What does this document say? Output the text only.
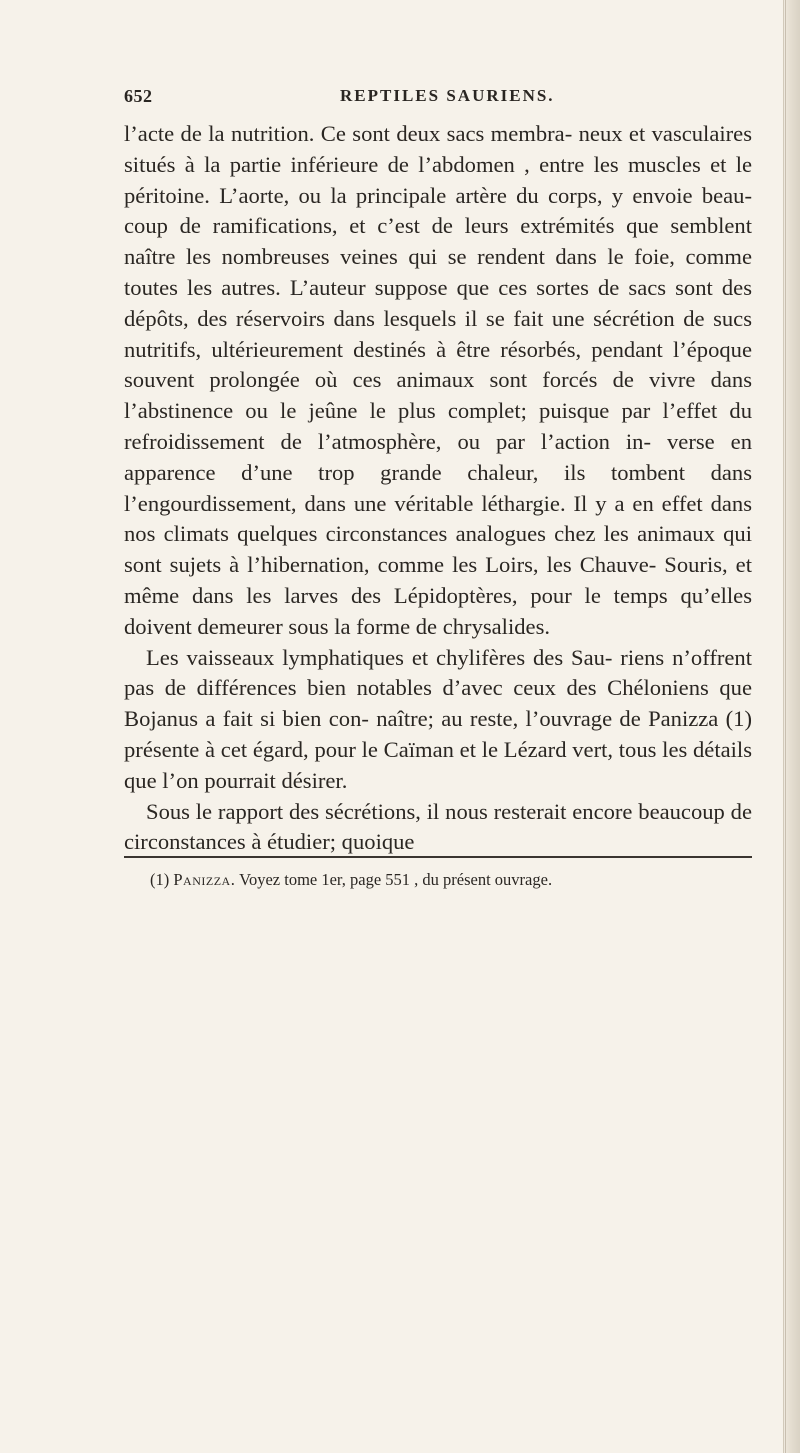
652	REPTILES SAURIENS.

l’acte de la nutrition. Ce sont deux sacs membra- neux et vasculaires situés à la partie inférieure de l’abdomen , entre les muscles et le péritoine. L’aorte, ou la principale artère du corps, y envoie beau- coup de ramifications, et c’est de leurs extrémités que semblent naître les nombreuses veines qui se rendent dans le foie, comme toutes les autres. L’auteur suppose que ces sortes de sacs sont des dépôts, des réservoirs dans lesquels il se fait une sécrétion de sucs nutritifs, ultérieurement destinés à être résorbés, pendant l’époque souvent prolongée où ces animaux sont forcés de vivre dans l’abstinence ou le jeûne le plus complet; puisque par l’effet du refroidissement de l’atmosphère, ou par l’action in- verse en apparence d’une trop grande chaleur, ils tombent dans l’engourdissement, dans une véritable léthargie. Il y a en effet dans nos climats quelques circonstances analogues chez les animaux qui sont sujets à l’hibernation, comme les Loirs, les Chauve- Souris, et même dans les larves des Lépidoptères, pour le temps qu’elles doivent demeurer sous la forme de chrysalides.

Les vaisseaux lymphatiques et chylifères des Sau- riens n’offrent pas de différences bien notables d’avec ceux des Chéloniens que Bojanus a fait si bien con- naître; au reste, l’ouvrage de Panizza (1) présente à cet égard, pour le Caïman et le Lézard vert, tous les détails que l’on pourrait désirer.

Sous le rapport des sécrétions, il nous resterait encore beaucoup de circonstances à étudier; quoique

(1) Panizza. Voyez tome 1er, page 551 , du présent ouvrage.
